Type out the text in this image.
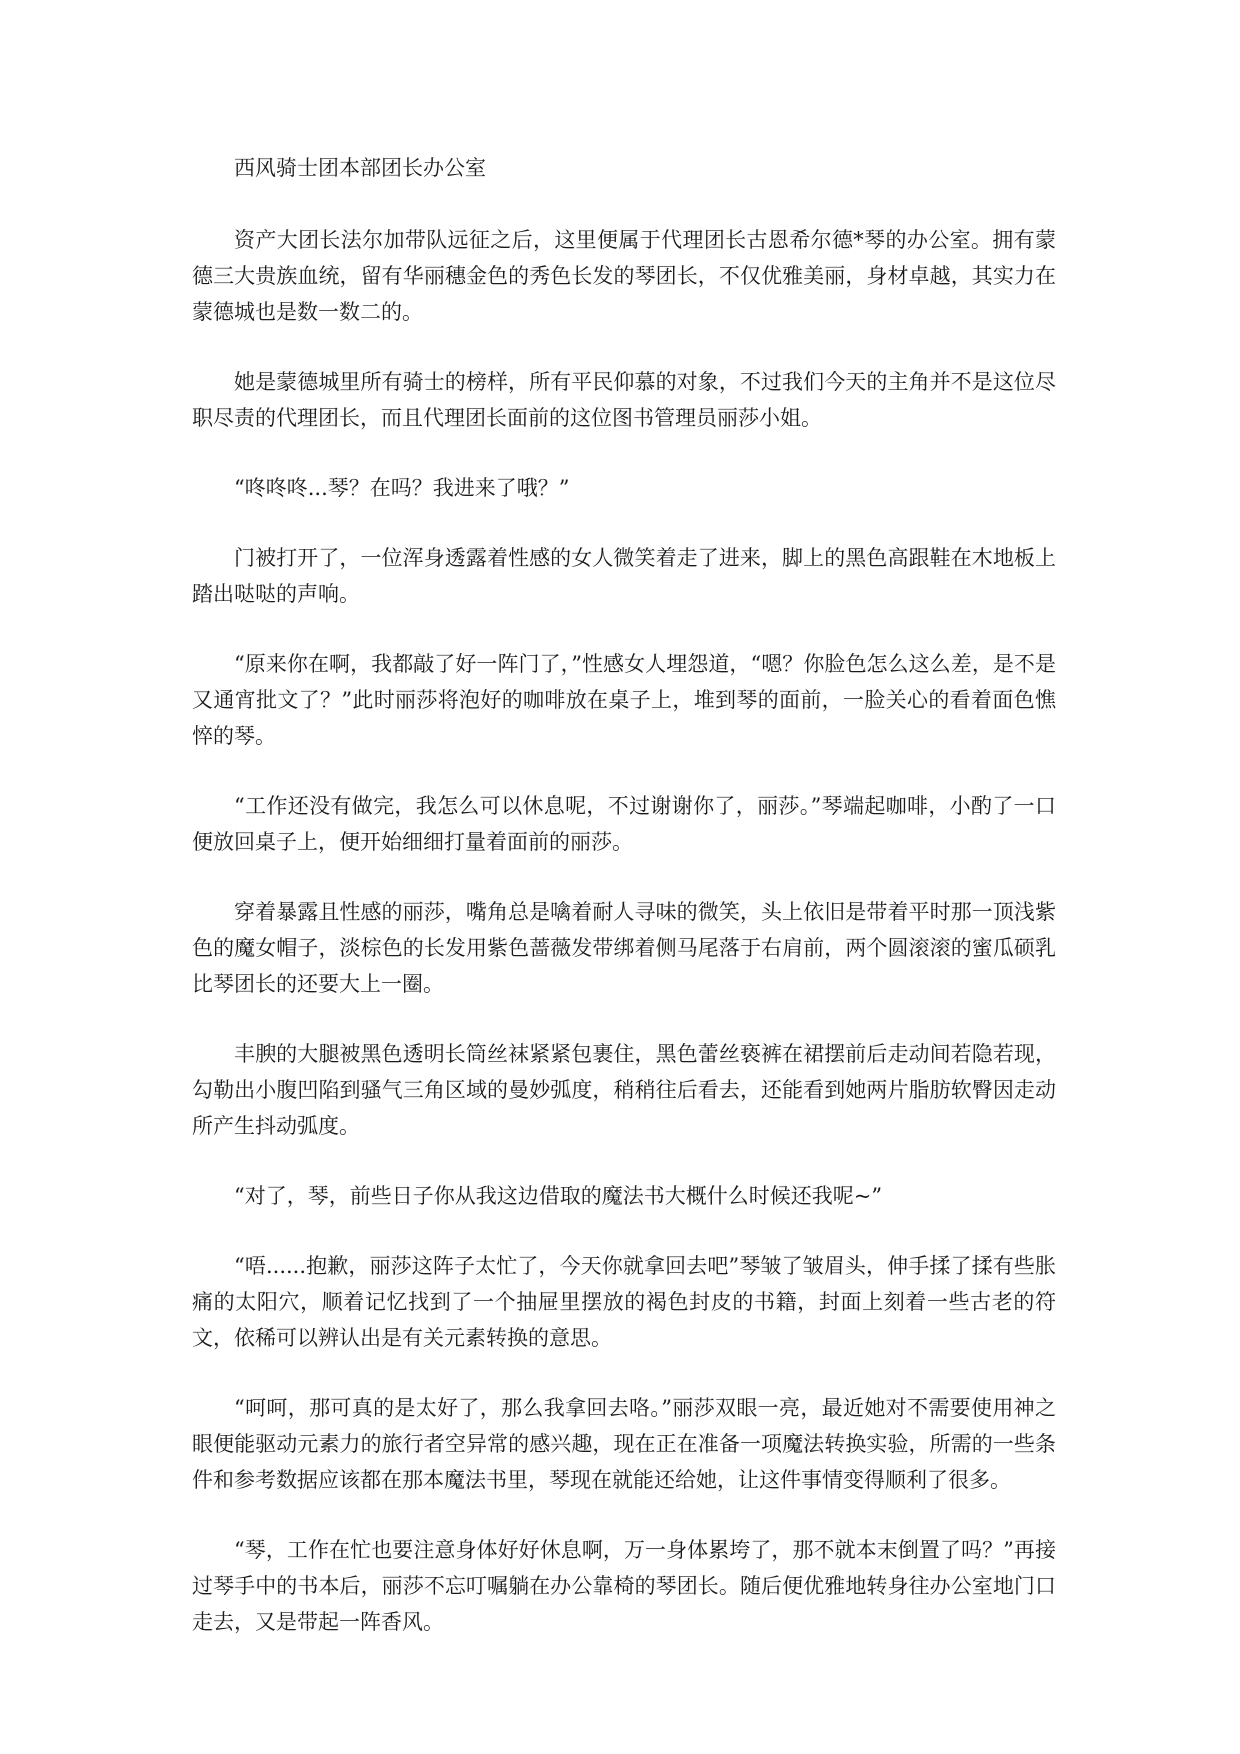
西风骑士团本部团长办公室

资产大团长法尔加带队远征之后，这里便属于代理团长古恩希尔德*琴的办公室。拥有蒙德三大贵族血统，留有华丽穗金色的秀色长发的琴团长，不仅优雅美丽，身材卓越，其实力在蒙德城也是数一数二的。

她是蒙德城里所有骑士的榜样，所有平民仰慕的对象，不过我们今天的主角并不是这位尽职尽责的代理团长，而且代理团长面前的这位图书管理员丽莎小姐。

“咚咚咚...琴？在吗？我进来了哦？”

门被打开了，一位浑身透露着性感的女人微笑着走了进来，脚上的黑色高跟鞋在木地板上踏出哒哒的声响。

“原来你在啊，我都敲了好一阵门了，”性感女人埋怨道，“嗯？你脸色怎么这么差，是不是又通宵批文了？”此时丽莎将泡好的咖啡放在桌子上，堆到琴的面前，一脸关心的看着面色憔悴的琴。

“工作还没有做完，我怎么可以休息呢，不过谢谢你了，丽莎。”琴端起咖啡，小酌了一口便放回桌子上，便开始细细打量着面前的丽莎。

穿着暴露且性感的丽莎，嘴角总是噙着耐人寻味的微笑，头上依旧是带着平时那一顶浅紫色的魔女帽子，淡棕色的长发用紫色蔷薇发带绑着侧马尾落于右肩前，两个圆滚滚的蜜瓜硕乳比琴团长的还要大上一圈。

丰腴的大腿被黑色透明长筒丝袜紧紧包裹住，黑色蕾丝亵裤在裙摆前后走动间若隐若现，勾勒出小腹凹陷到骚气三角区域的曼妙弧度，稍稍往后看去，还能看到她两片脂肪软臀因走动所产生抖动弧度。

“对了，琴，前些日子你从我这边借取的魔法书大概什么时候还我呢~”

“唔......抱歉，丽莎这阵子太忙了，今天你就拿回去吧”琴皱了皱眉头，伸手揉了揉有些胀痛的太阳穴，顺着记忆找到了一个抽屉里摆放的褐色封皮的书籍，封面上刻着一些古老的符文，依稀可以辨认出是有关元素转换的意思。

“呵呵，那可真的是太好了，那么我拿回去咯。”丽莎双眼一亮，最近她对不需要使用神之眼便能驱动元素力的旅行者空异常的感兴趣，现在正在准备一项魔法转换实验，所需的一些条件和参考数据应该都在那本魔法书里，琴现在就能还给她，让这件事情变得顺利了很多。

“琴，工作在忙也要注意身体好好休息啊，万一身体累垮了，那不就本末倒置了吗？”再接过琴手中的书本后，丽莎不忘叮嘱躺在办公靠椅的琴团长。随后便优雅地转身往办公室地门口走去，又是带起一阵香风。
